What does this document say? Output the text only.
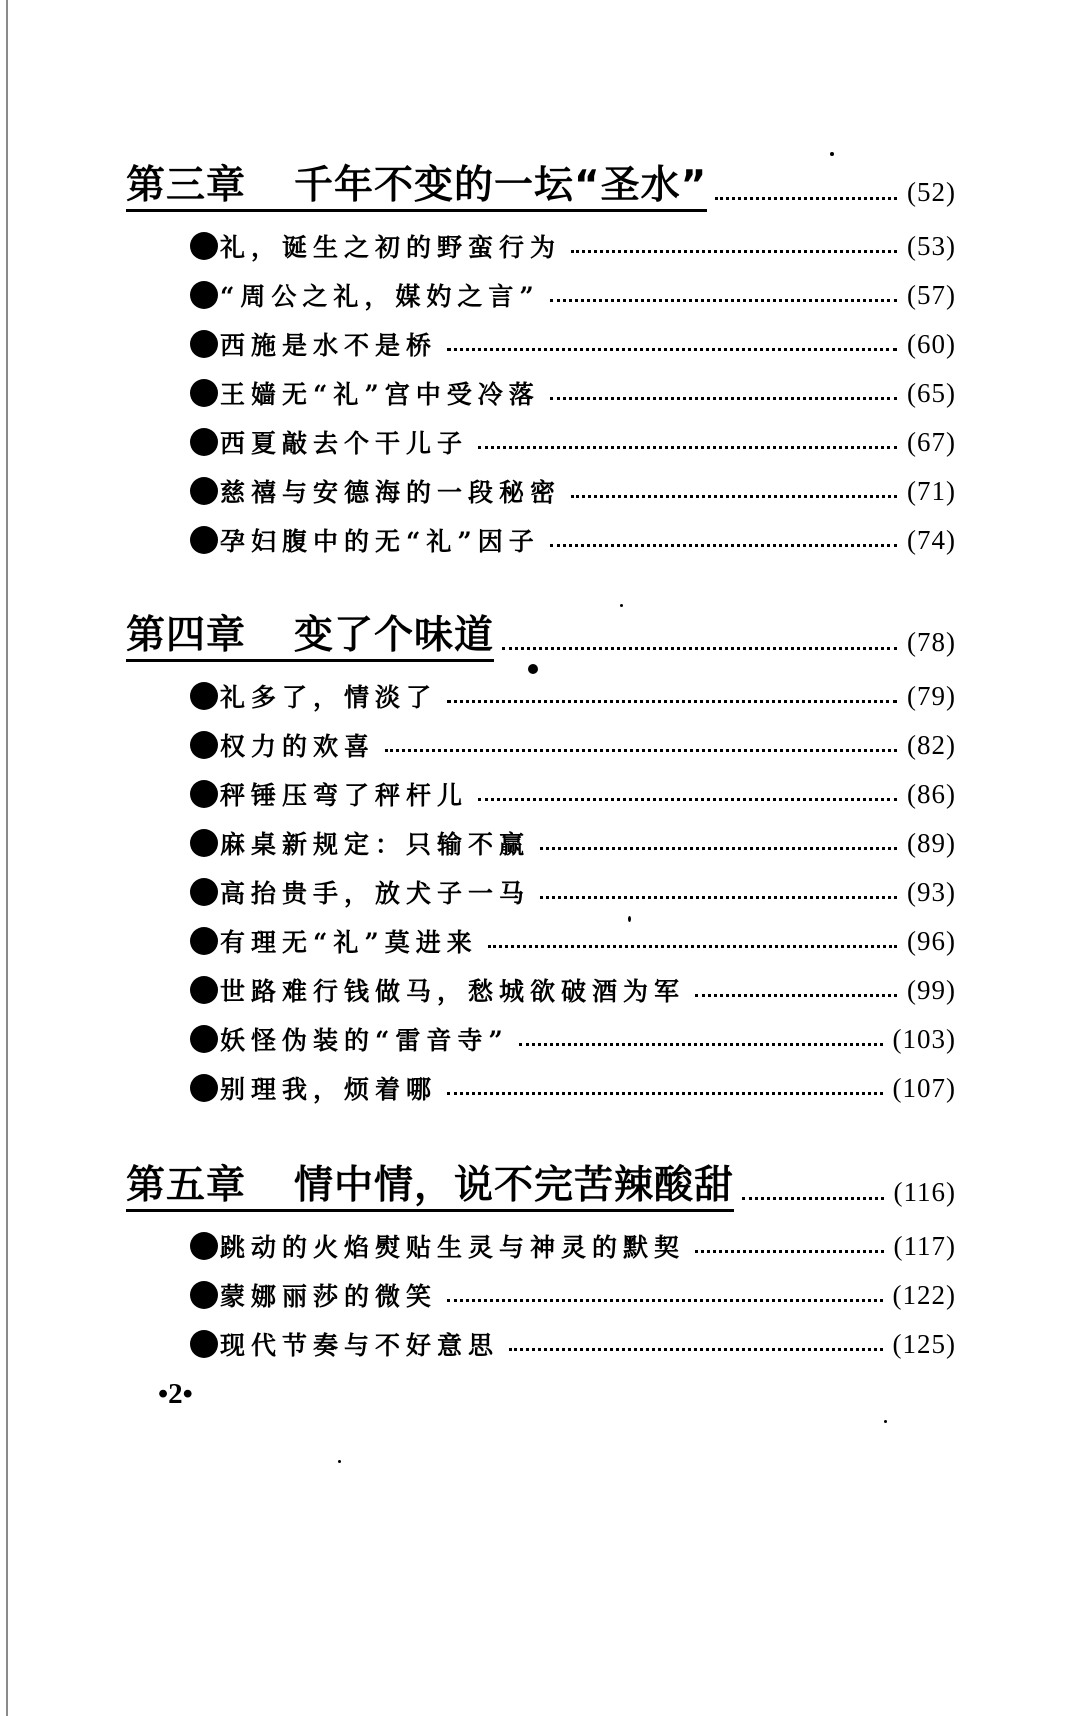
第三章 千年不变的一坛“圣水”	(52)
礼，诞生之初的野蛮行为	(53)
“周公之礼，媒妁之言”	(57)
西施是水不是桥	(60)
王嫱无“礼”宫中受冷落	(65)
西夏敲去个干儿子	(67)
慈禧与安德海的一段秘密	(71)
孕妇腹中的无“礼”因子	(74)
第四章 变了个味道	(78)
礼多了，情淡了	(79)
权力的欢喜	(82)
秤锤压弯了秤杆儿	(86)
麻桌新规定：只输不赢	(89)
高抬贵手，放犬子一马	(93)
有理无“礼”莫进来	(96)
世路难行钱做马，愁城欲破酒为军	(99)
妖怪伪装的“雷音寺”	(103)
别理我，烦着哪	(107)
第五章 情中情，说不完苦辣酸甜	(116)
跳动的火焰熨贴生灵与神灵的默契	(117)
蒙娜丽莎的微笑	(122)
现代节奏与不好意思	(125)
•2•
